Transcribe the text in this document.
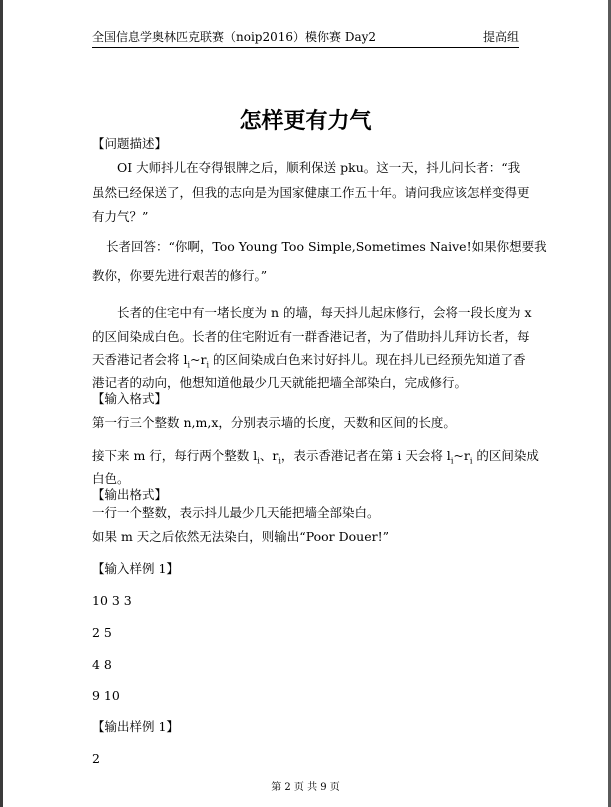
全国信息学奥林匹克联赛（noip2016）模你赛 Day2	提高组
怎样更有力气
【问题描述】
OI 大师抖儿在夺得银牌之后，顺利保送 pku。这一天，抖儿问长者：“我
虽然已经保送了，但我的志向是为国家健康工作五十年。请问我应该怎样变得更
有力气？”
长者回答：“你啊，Too Young Too Simple,Sometimes Naive!如果你想要我
教你，你要先进行艰苦的修行。”
长者的住宅中有一堵长度为 n 的墙，每天抖儿起床修行，会将一段长度为 x
的区间染成白色。长者的住宅附近有一群香港记者，为了借助抖儿拜访长者，每
天香港记者会将 $l_i\sim r_i$ 的区间染成白色来讨好抖儿。现在抖儿已经预先知道了香
港记者的动向，他想知道他最少几天就能把墙全部染白，完成修行。
【输入格式】
第一行三个整数 n,m,x，分别表示墙的长度，天数和区间的长度。
接下来 m 行，每行两个整数 $l_i$、$r_i$，表示香港记者在第 i 天会将 $l_i\sim r_i$ 的区间染成
白色。
【输出格式】
一行一个整数，表示抖儿最少几天能把墙全部染白。
如果 m 天之后依然无法染白，则输出“Poor Douer!”
【输入样例 1】
10 3 3
2 5
4 8
9 10
【输出样例 1】
2
第 2 页 共 9 页
